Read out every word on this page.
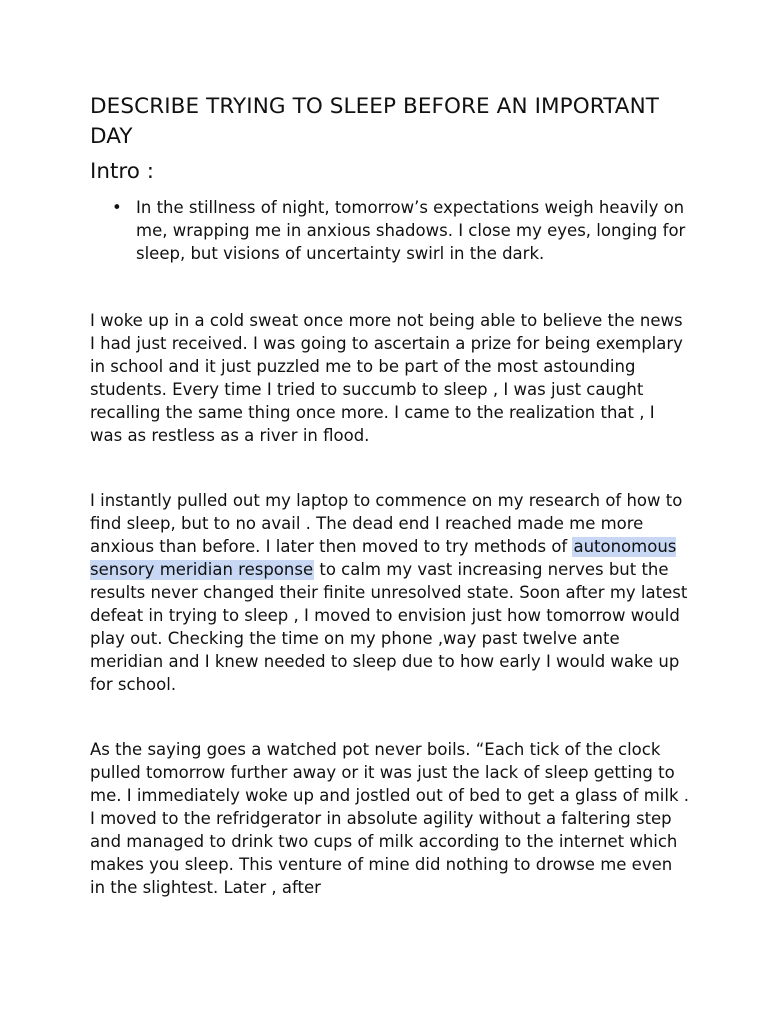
DESCRIBE TRYING TO SLEEP BEFORE AN IMPORTANT DAY
Intro :
• In the stillness of night, tomorrow’s expectations weigh heavily on me, wrapping me in anxious shadows. I close my eyes, longing for sleep, but visions of uncertainty swirl in the dark.

I woke up in a cold sweat once more not being able to believe the news I had just received. I was going to ascertain a prize for being exemplary in school and it just puzzled me to be part of the most astounding students. Every time I tried to succumb to sleep , I was just caught recalling the same thing once more. I came to the realization that , I was as restless as a river in flood.

I instantly pulled out my laptop to commence on my research of how to find sleep, but to no avail . The dead end I reached made me more anxious than before. I later then moved to try methods of autonomous sensory meridian response to calm my vast increasing nerves but the results never changed their finite unresolved state. Soon after my latest defeat in trying to sleep , I moved to envision just how tomorrow would play out. Checking the time on my phone ,way past twelve ante meridian and I knew needed to sleep due to how early I would wake up for school.

As the saying goes a watched pot never boils. “Each tick of the clock pulled tomorrow further away or it was just the lack of sleep getting to me. I immediately woke up and jostled out of bed to get a glass of milk . I moved to the refridgerator in absolute agility without a faltering step and managed to drink two cups of milk according to the internet which makes you sleep. This venture of mine did nothing to drowse me even in the slightest. Later , after
